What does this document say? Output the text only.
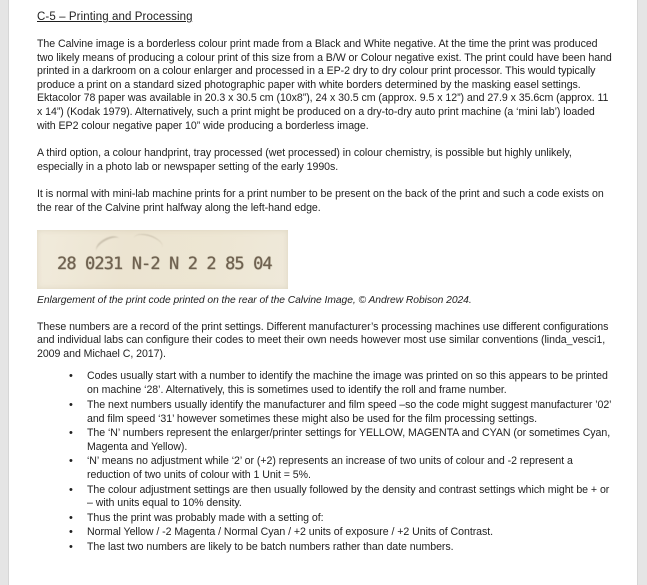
C-5 – Printing and Processing

The Calvine image is a borderless colour print made from a Black and White negative. At the time the print was produced two likely means of producing a colour print of this size from a B/W or Colour negative exist. The print could have been hand printed in a darkroom on a colour enlarger and processed in a EP-2 dry to dry colour print processor. This would typically produce a print on a standard sized photographic paper with white borders determined by the masking easel settings. Ektacolor 78 paper was available in 20.3 x 30.5 cm (10x8”), 24 x 30.5 cm (approx. 9.5 x 12”) and 27.9 x 35.6cm (approx. 11 x 14”) (Kodak 1979). Alternatively, such a print might be produced on a dry-to-dry auto print machine (a ‘mini lab’) loaded with EP2 colour negative paper 10” wide producing a borderless image.

A third option, a colour handprint, tray processed (wet processed) in colour chemistry, is possible but highly unlikely, especially in a photo lab or newspaper setting of the early 1990s.

It is normal with mini-lab machine prints for a print number to be present on the back of the print and such a code exists on the rear of the Calvine print halfway along the left-hand edge.

28 0231 N-2 N 2 2 85 04
Enlargement of the print code printed on the rear of the Calvine Image, © Andrew Robison 2024.

These numbers are a record of the print settings. Different manufacturer’s processing machines use different configurations and individual labs can configure their codes to meet their own needs however most use similar conventions (linda_vesci1, 2009 and Michael C, 2017).

• Codes usually start with a number to identify the machine the image was printed on so this appears to be printed on machine ‘28’. Alternatively, this is sometimes used to identify the roll and frame number.
• The next numbers usually identify the manufacturer and film speed –so the code might suggest manufacturer ’02’ and film speed ‘31’ however sometimes these might also be used for the film processing settings.
• The ‘N’ numbers represent the enlarger/printer settings for YELLOW, MAGENTA and CYAN (or sometimes Cyan, Magenta and Yellow).
• ‘N’ means no adjustment while ‘2’ or (+2) represents an increase of two units of colour and -2 represent a reduction of two units of colour with 1 Unit = 5%.
• The colour adjustment settings are then usually followed by the density and contrast settings which might be + or – with units equal to 10% density.
• Thus the print was probably made with a setting of:
• Normal Yellow / -2 Magenta / Normal Cyan / +2 units of exposure / +2 Units of Contrast.
• The last two numbers are likely to be batch numbers rather than date numbers.
